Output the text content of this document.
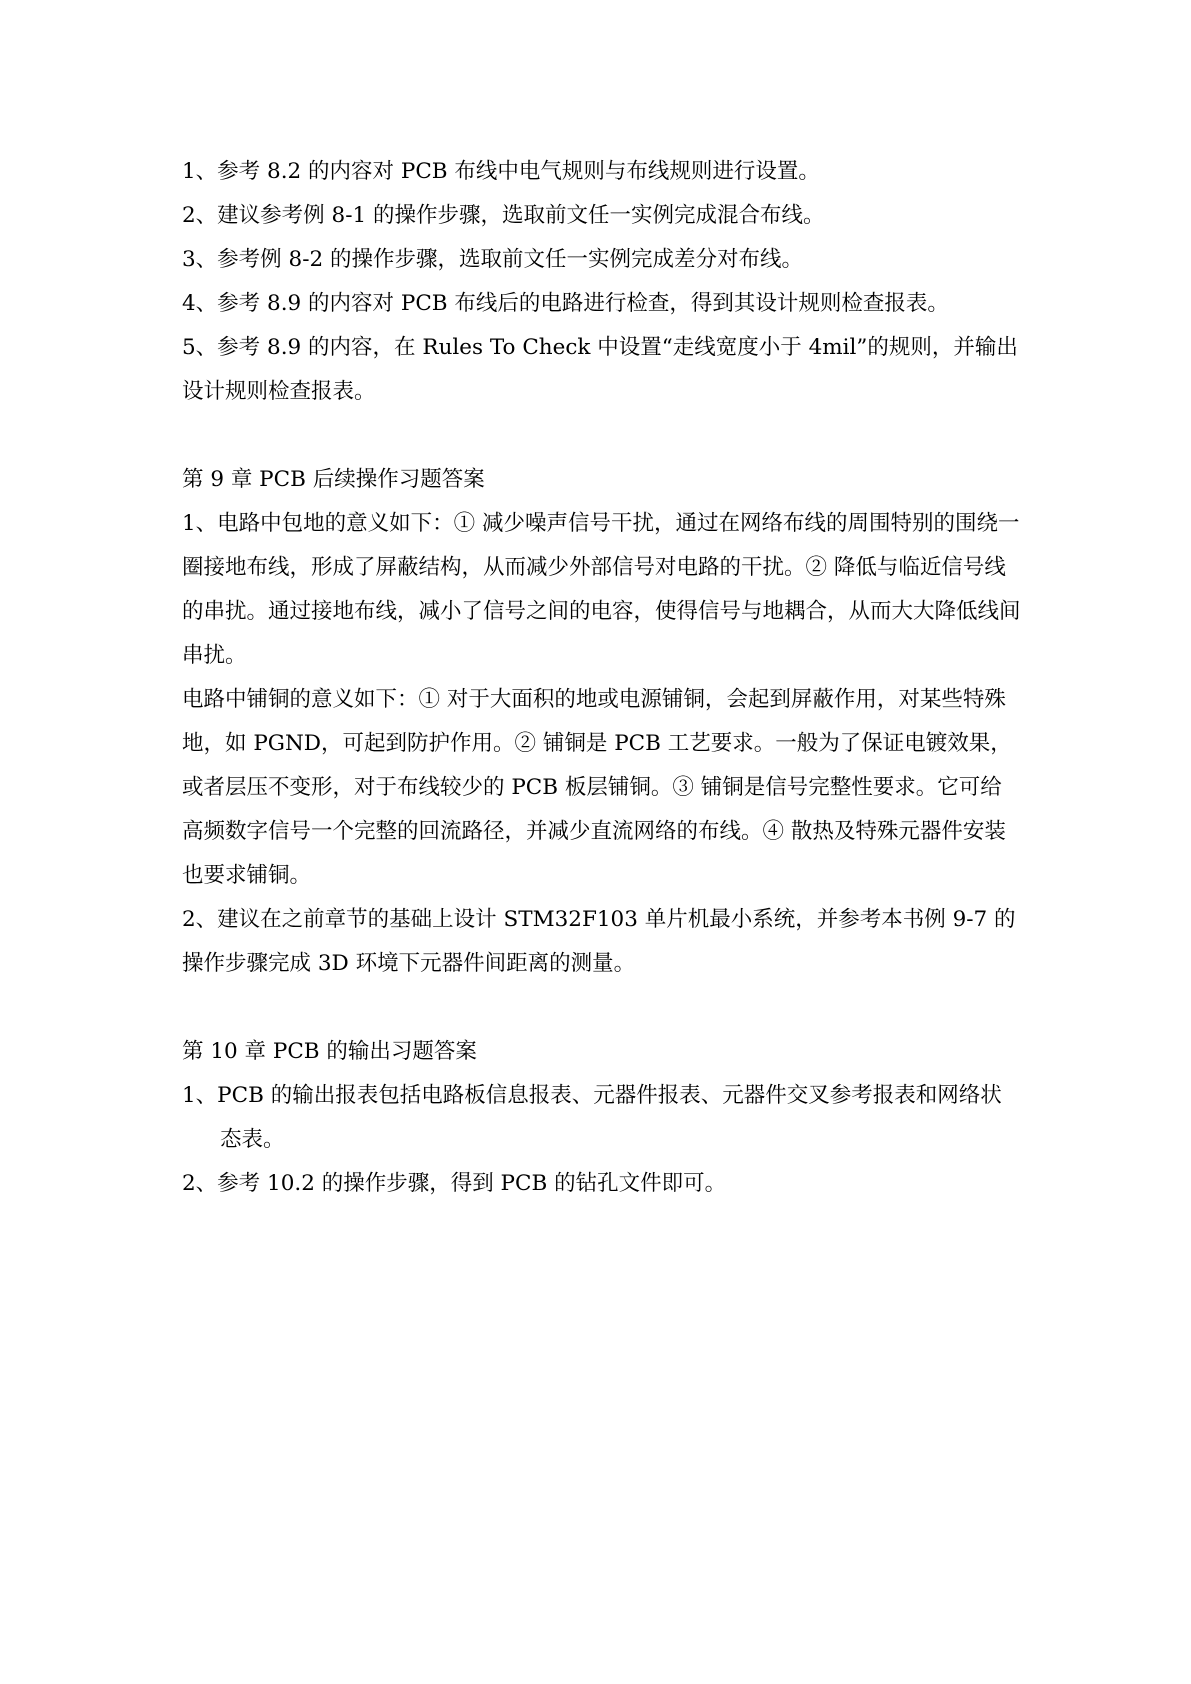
1、参考 8.2 的内容对 PCB 布线中电气规则与布线规则进行设置。

2、建议参考例 8-1 的操作步骤，选取前文任一实例完成混合布线。

3、参考例 8-2 的操作步骤，选取前文任一实例完成差分对布线。

4、参考 8.9 的内容对 PCB 布线后的电路进行检查，得到其设计规则检查报表。

5、参考 8.9 的内容，在 Rules To Check 中设置“走线宽度小于 4mil”的规则，并输出设计规则检查报表。

第 9 章 PCB 后续操作习题答案

1、电路中包地的意义如下：① 减少噪声信号干扰，通过在网络布线的周围特别的围绕一圈接地布线，形成了屏蔽结构，从而减少外部信号对电路的干扰。② 降低与临近信号线的串扰。通过接地布线，减小了信号之间的电容，使得信号与地耦合，从而大大降低线间串扰。

电路中铺铜的意义如下：① 对于大面积的地或电源铺铜，会起到屏蔽作用，对某些特殊地，如 PGND，可起到防护作用。② 铺铜是 PCB 工艺要求。一般为了保证电镀效果，或者层压不变形，对于布线较少的 PCB 板层铺铜。③ 铺铜是信号完整性要求。它可给高频数字信号一个完整的回流路径，并减少直流网络的布线。④ 散热及特殊元器件安装也要求铺铜。

2、建议在之前章节的基础上设计 STM32F103 单片机最小系统，并参考本书例 9-7 的操作步骤完成 3D 环境下元器件间距离的测量。

第 10 章 PCB 的输出习题答案

1、PCB 的输出报表包括电路板信息报表、元器件报表、元器件交叉参考报表和网络状态表。

2、参考 10.2 的操作步骤，得到 PCB 的钻孔文件即可。
